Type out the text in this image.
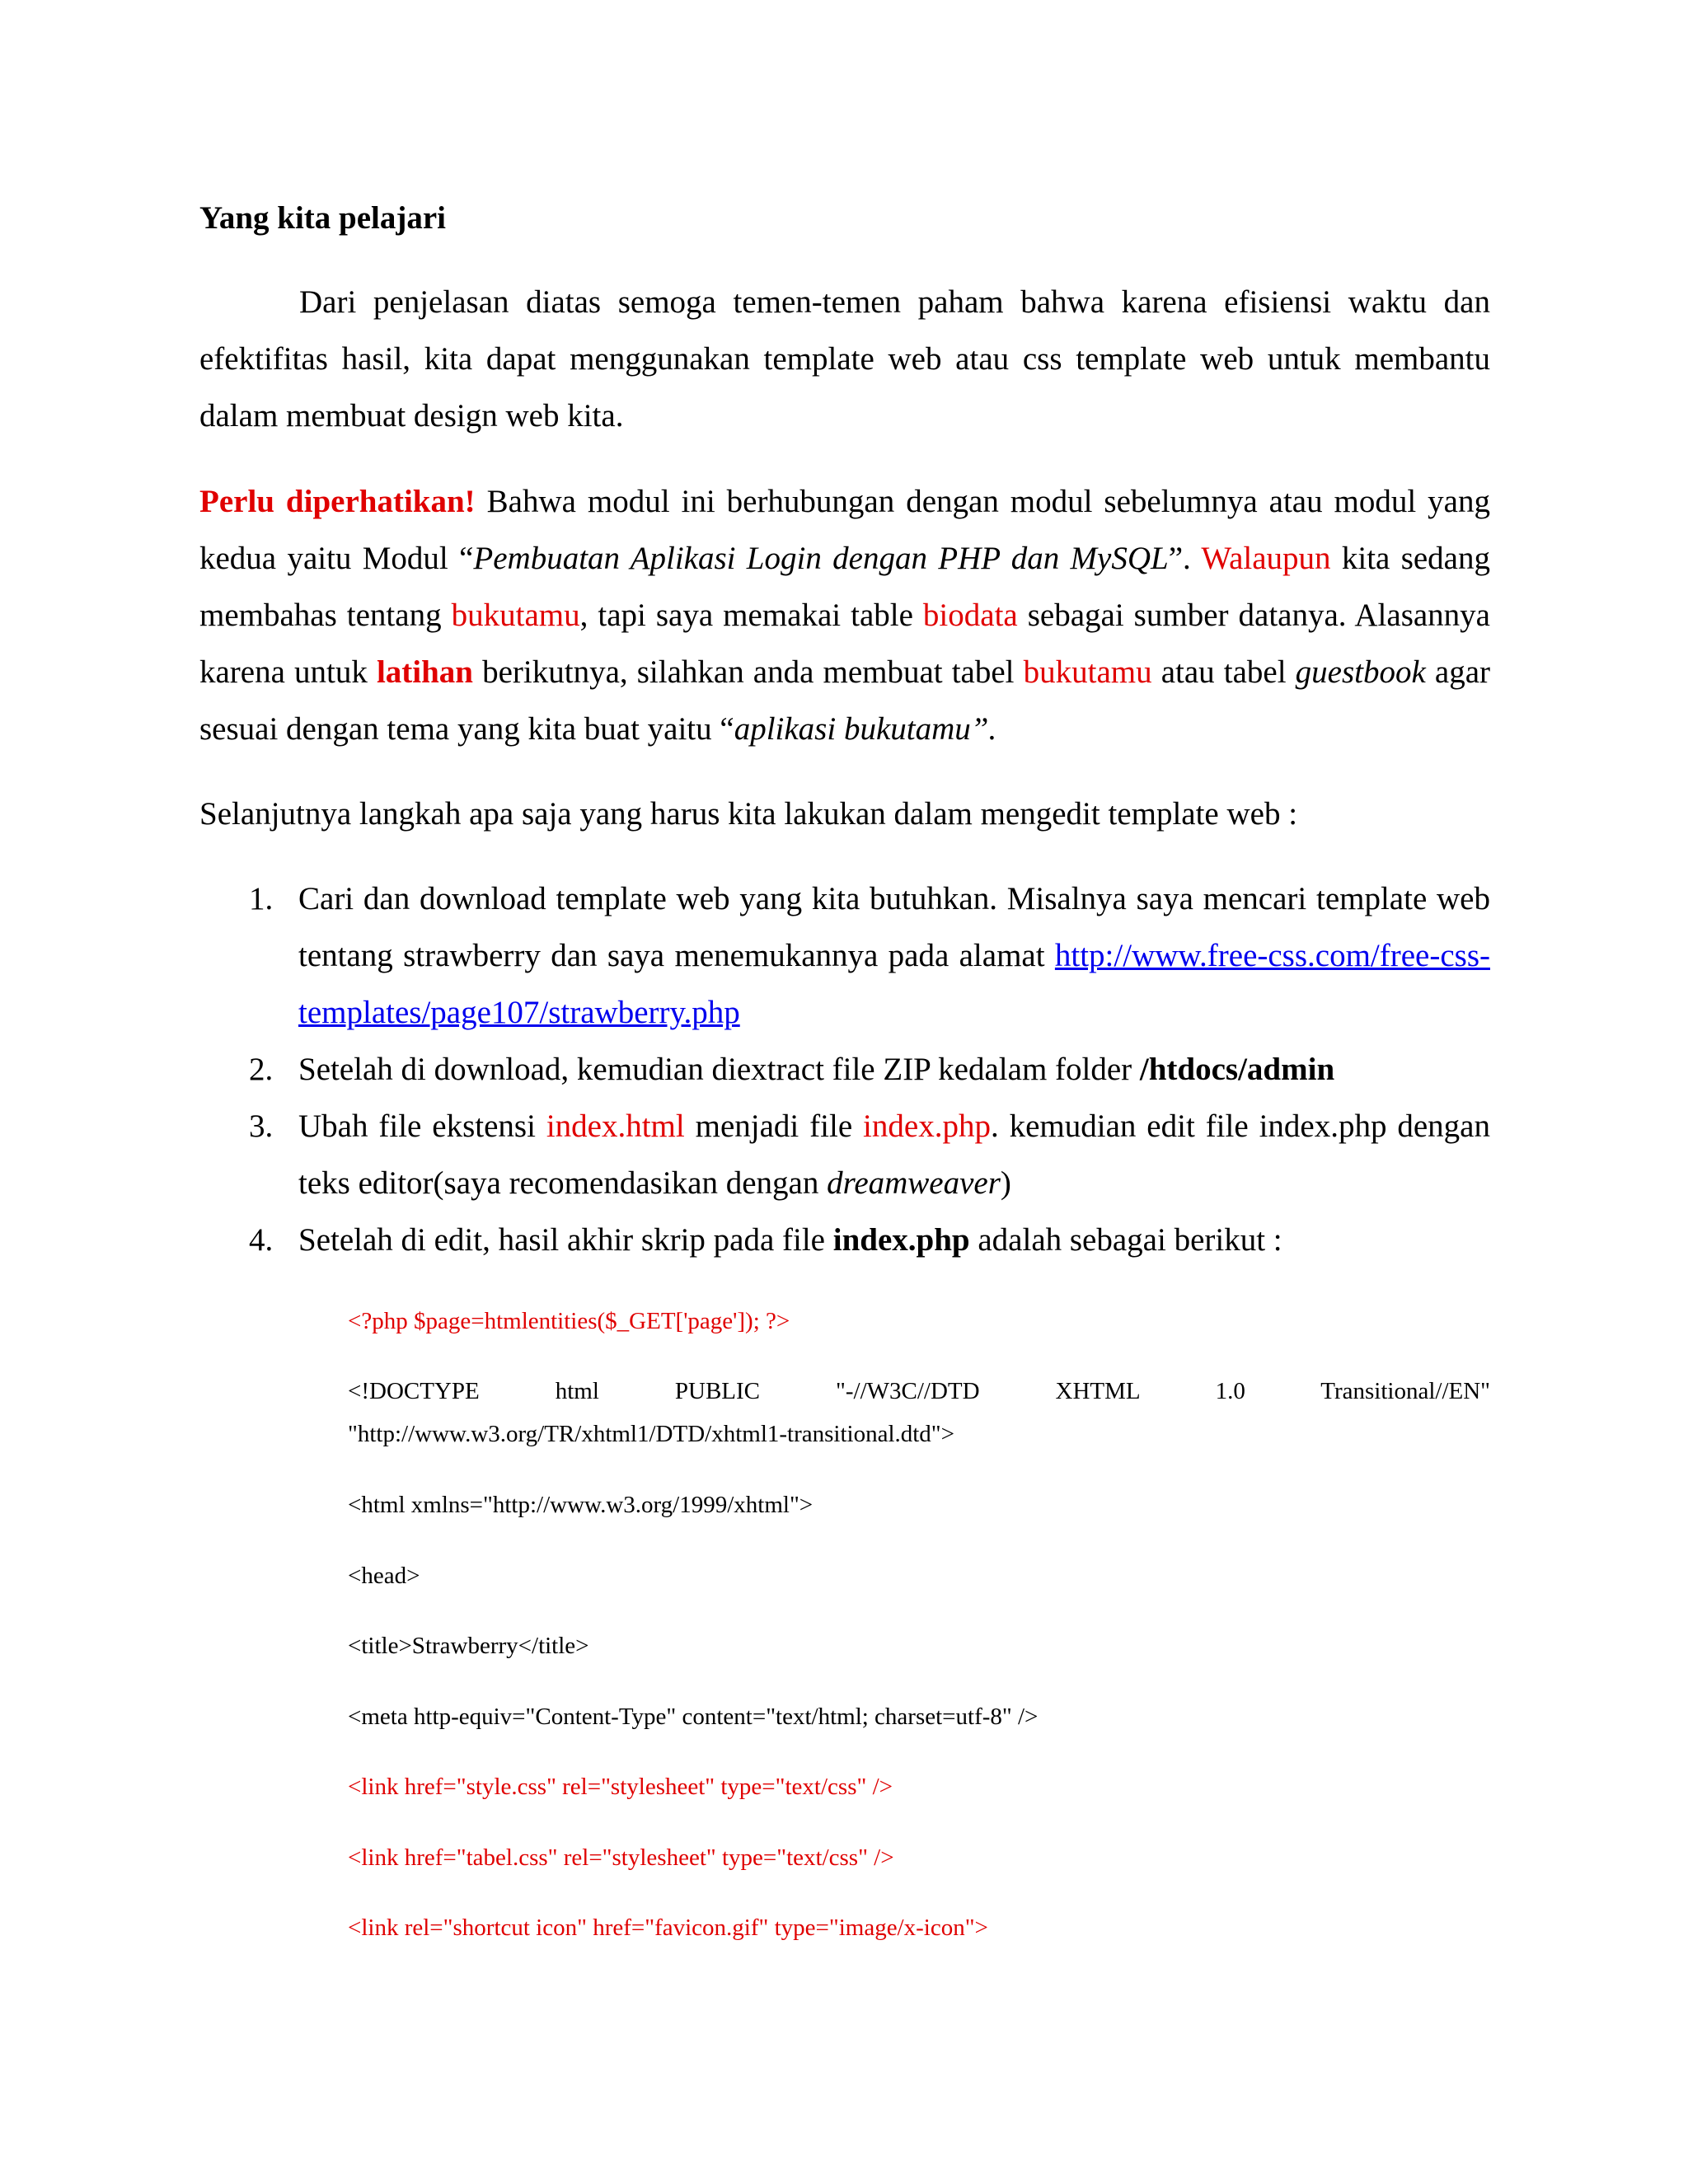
Yang kita pelajari
Dari penjelasan diatas semoga temen-temen paham bahwa karena efisiensi waktu dan efektifitas hasil, kita dapat menggunakan template web atau css template web untuk membantu dalam membuat design web kita.
Perlu diperhatikan! Bahwa modul ini berhubungan dengan modul sebelumnya atau modul yang kedua yaitu Modul “Pembuatan Aplikasi Login dengan PHP dan MySQL”. Walaupun kita sedang membahas tentang bukutamu, tapi saya memakai table biodata sebagai sumber datanya. Alasannya karena untuk latihan berikutnya, silahkan anda membuat tabel bukutamu atau tabel guestbook agar sesuai dengan tema yang kita buat yaitu “aplikasi bukutamu”.
Selanjutnya langkah apa saja yang harus kita lakukan dalam mengedit template web :
1. Cari dan download template web yang kita butuhkan. Misalnya saya mencari template web tentang strawberry dan saya menemukannya pada alamat http://www.free-css.com/free-css-templates/page107/strawberry.php
2. Setelah di download, kemudian diextract file ZIP kedalam folder /htdocs/admin
3. Ubah file ekstensi index.html menjadi file index.php. kemudian edit file index.php dengan teks editor(saya recomendasikan dengan dreamweaver)
4. Setelah di edit, hasil akhir skrip pada file index.php adalah sebagai berikut :
<?php $page=htmlentities($_GET['page']); ?>
<!DOCTYPE	html	PUBLIC	"-//W3C//DTD	XHTML	1.0	Transitional//EN"
"http://www.w3.org/TR/xhtml1/DTD/xhtml1-transitional.dtd">
<html xmlns="http://www.w3.org/1999/xhtml">
<head>
<title>Strawberry</title>
<meta http-equiv="Content-Type" content="text/html; charset=utf-8" />
<link href="style.css" rel="stylesheet" type="text/css" />
<link href="tabel.css" rel="stylesheet" type="text/css" />
<link rel="shortcut icon" href="favicon.gif" type="image/x-icon">
